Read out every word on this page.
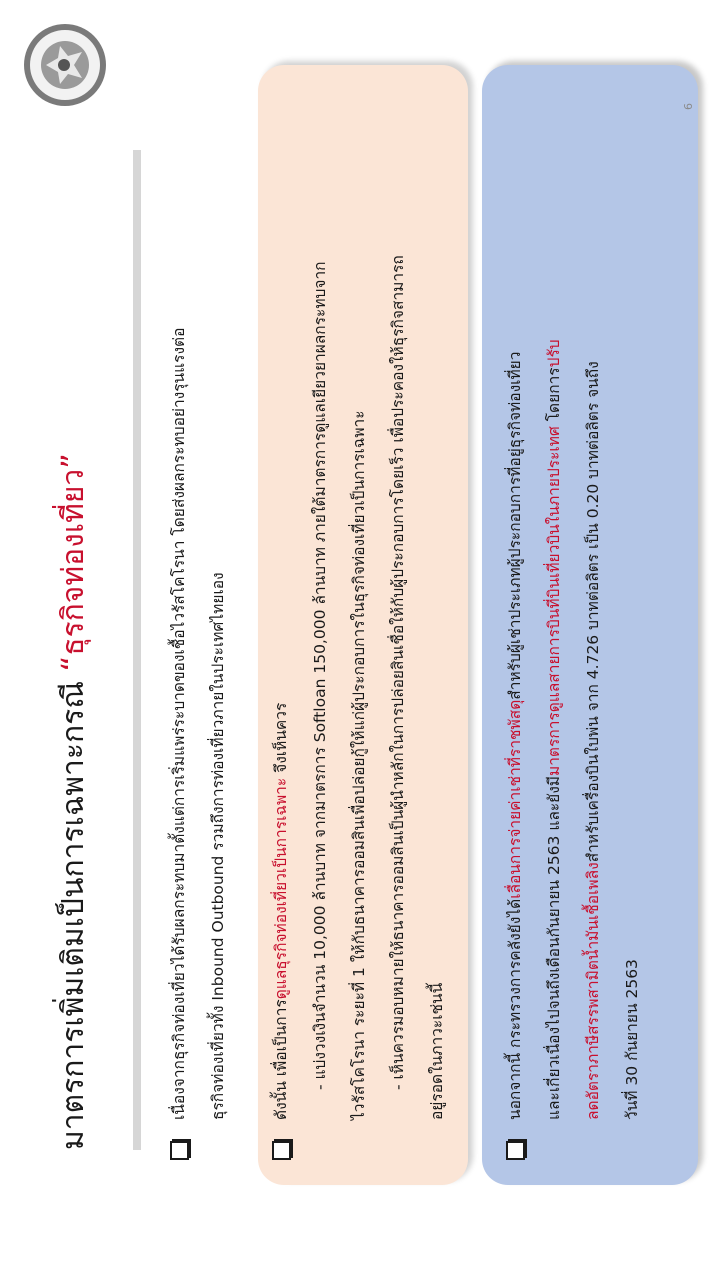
มาตรการเพิ่มเติมเป็นการเฉพาะกรณี “ธุรกิจท่องเที่ยว”	เนื่องจากธุรกิจท่องเที่ยวได้รับผลกระทบมาตั้งแต่การเริ่มแพร่ระบาดของเชื้อไวรัสโคโรนา โดยส่งผลกระทบอย่างรุนแรงต่อ	ธุรกิจท่องเที่ยวทั้ง Inbound Outbound รวมถึงการท่องเที่ยวภายในประเทศไทยเอง	ดังนั้น เพื่อเป็นการดูแลธุรกิจท่องเที่ยวเป็นการเฉพาะ จึงเห็นควร	- แบ่งวงเงินจำนวน 10,000 ล้านบาท จากมาตรการ Softloan 150,000 ล้านบาท ภายใต้มาตรการดูแลเยียวยาผลกระทบจาก	ไวรัสโคโรนา ระยะที่ 1 ให้กับธนาคารออมสินเพื่อปล่อยกู้ให้แก่ผู้ประกอบการในธุรกิจท่องเที่ยวเป็นการเฉพาะ	- เห็นควรมอบหมายให้ธนาคารออมสินเป็นผู้นำหลักในการปล่อยสินเชื่อให้กับผู้ประกอบการโดยเร็ว เพื่อประคองให้ธุรกิจสามารถ	อยู่รอดในภาวะเช่นนี้	นอกจากนี้ กระทรวงการคลังยังได้เลื่อนการจ่ายค่าเช่าที่ราชพัสดุสำหรับผู้เช่าประเภทผู้ประกอบการที่อยู่ธุรกิจท่องเที่ยว

และเกี่ยวเนื่องไปจนถึงเดือนกันยายน 2563 และยังมีมาตรการดูแลสายการบินที่บินเที่ยวบินในภายประเทศ โดยการปรับ

ลดอัตราภาษีสรรพสามิตน้ำมันเชื้อเพลิงสำหรับเครื่องบินใบพ่น จาก 4.726 บาทต่อลิตร เป็น 0.20 บาทต่อลิตร จนถึง

วันที่ 30 กันยายน 2563

6
